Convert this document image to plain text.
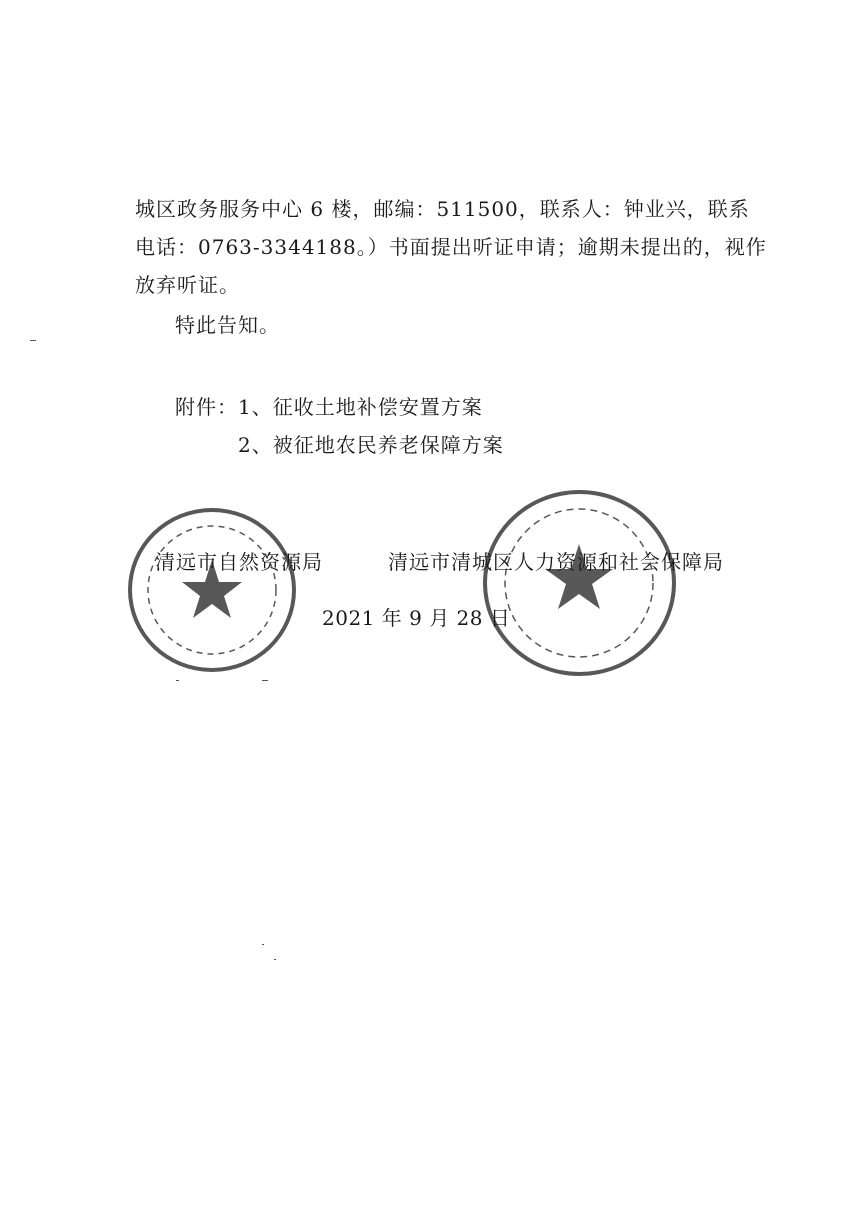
城区政务服务中心 6 楼，邮编：511500，联系人：钟业兴，联系
电话：0763-3344188。）书面提出听证申请；逾期未提出的，视作
放弃听证。
特此告知。
附件： 1、征收土地补偿安置方案
2、被征地农民养老保障方案
清远市自然资源局	清远市清城区人力资源和社会保障局
2021 年 9 月 28 日
